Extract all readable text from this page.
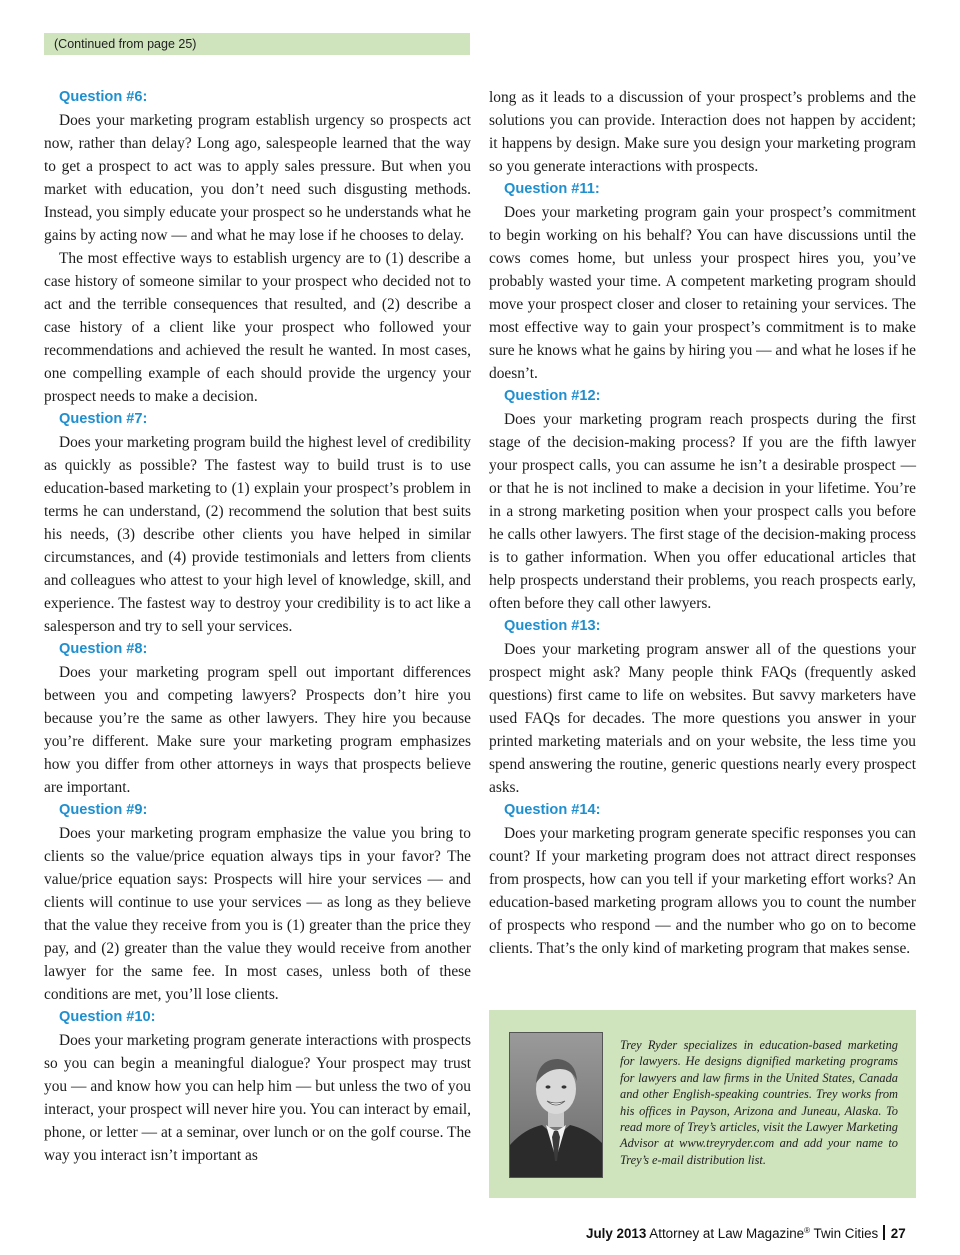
(Continued from page 25)
Question #6:

Does your marketing program establish urgency so prospects act now, rather than delay? Long ago, salespeople learned that the way to get a prospect to act was to apply sales pressure. But when you market with education, you don’t need such disgusting methods. Instead, you simply educate your prospect so he understands what he gains by acting now — and what he may lose if he chooses to delay.

The most effective ways to establish urgency are to (1) describe a case history of someone similar to your prospect who decided not to act and the terrible consequences that resulted, and (2) describe a case history of a client like your prospect who followed your recommendations and achieved the result he wanted. In most cases, one compelling example of each should provide the urgency your prospect needs to make a decision.

Question #7:

Does your marketing program build the highest level of credibility as quickly as possible? The fastest way to build trust is to use education-based marketing to (1) explain your prospect’s problem in terms he can understand, (2) recommend the solution that best suits his needs, (3) describe other clients you have helped in similar circumstances, and (4) provide testimonials and letters from clients and colleagues who attest to your high level of knowledge, skill, and experience. The fastest way to destroy your credibility is to act like a salesperson and try to sell your services.

Question #8:

Does your marketing program spell out important differences between you and competing lawyers? Prospects don’t hire you because you’re the same as other lawyers. They hire you because you’re different. Make sure your marketing program emphasizes how you differ from other attorneys in ways that prospects believe are important.

Question #9:

Does your marketing program emphasize the value you bring to clients so the value/price equation always tips in your favor? The value/price equation says: Prospects will hire your services — and clients will continue to use your services — as long as they believe that the value they receive from you is (1) greater than the price they pay, and (2) greater than the value they would receive from another lawyer for the same fee. In most cases, unless both of these conditions are met, you’ll lose clients.

Question #10:

Does your marketing program generate interactions with prospects so you can begin a meaningful dialogue? Your prospect may trust you — and know how you can help him — but unless the two of you interact, your prospect will never hire you. You can interact by email, phone, or letter — at a seminar, over lunch or on the golf course. The way you interact isn’t important as

long as it leads to a discussion of your prospect’s problems and the solutions you can provide. Interaction does not happen by accident; it happens by design. Make sure you design your marketing program so you generate interactions with prospects.

Question #11:

Does your marketing program gain your prospect’s commitment to begin working on his behalf? You can have discussions until the cows comes home, but unless your prospect hires you, you’ve probably wasted your time. A competent marketing program should move your prospect closer and closer to retaining your services. The most effective way to gain your prospect’s commitment is to make sure he knows what he gains by hiring you — and what he loses if he doesn’t.

Question #12:

Does your marketing program reach prospects during the first stage of the decision-making process? If you are the fifth lawyer your prospect calls, you can assume he isn’t a desirable prospect — or that he is not inclined to make a decision in your lifetime. You’re in a strong marketing position when your prospect calls you before he calls other lawyers. The first stage of the decision-making process is to gather information. When you offer educational articles that help prospects understand their problems, you reach prospects early, often before they call other lawyers.

Question #13:

Does your marketing program answer all of the questions your prospect might ask? Many people think FAQs (frequently asked questions) first came to life on websites. But savvy marketers have used FAQs for decades. The more questions you answer in your printed marketing materials and on your website, the less time you spend answering the routine, generic questions nearly every prospect asks.

Question #14:

Does your marketing program generate specific responses you can count? If your marketing program does not attract direct responses from prospects, how can you tell if your marketing effort works? An education-based marketing program allows you to count the number of prospects who respond — and the number who go on to become clients. That’s the only kind of marketing program that makes sense.

Trey Ryder specializes in education-based marketing for lawyers. He designs dignified marketing programs for lawyers and law firms in the United States, Canada and other English-speaking countries. Trey works from his offices in Payson, Arizona and Juneau, Alaska. To read more of Trey’s articles, visit the Lawyer Marketing Advisor at www.treyryder.com and add your name to Trey’s e-mail distribution list.
July 2013 Attorney at Law Magazine® Twin Cities 27
